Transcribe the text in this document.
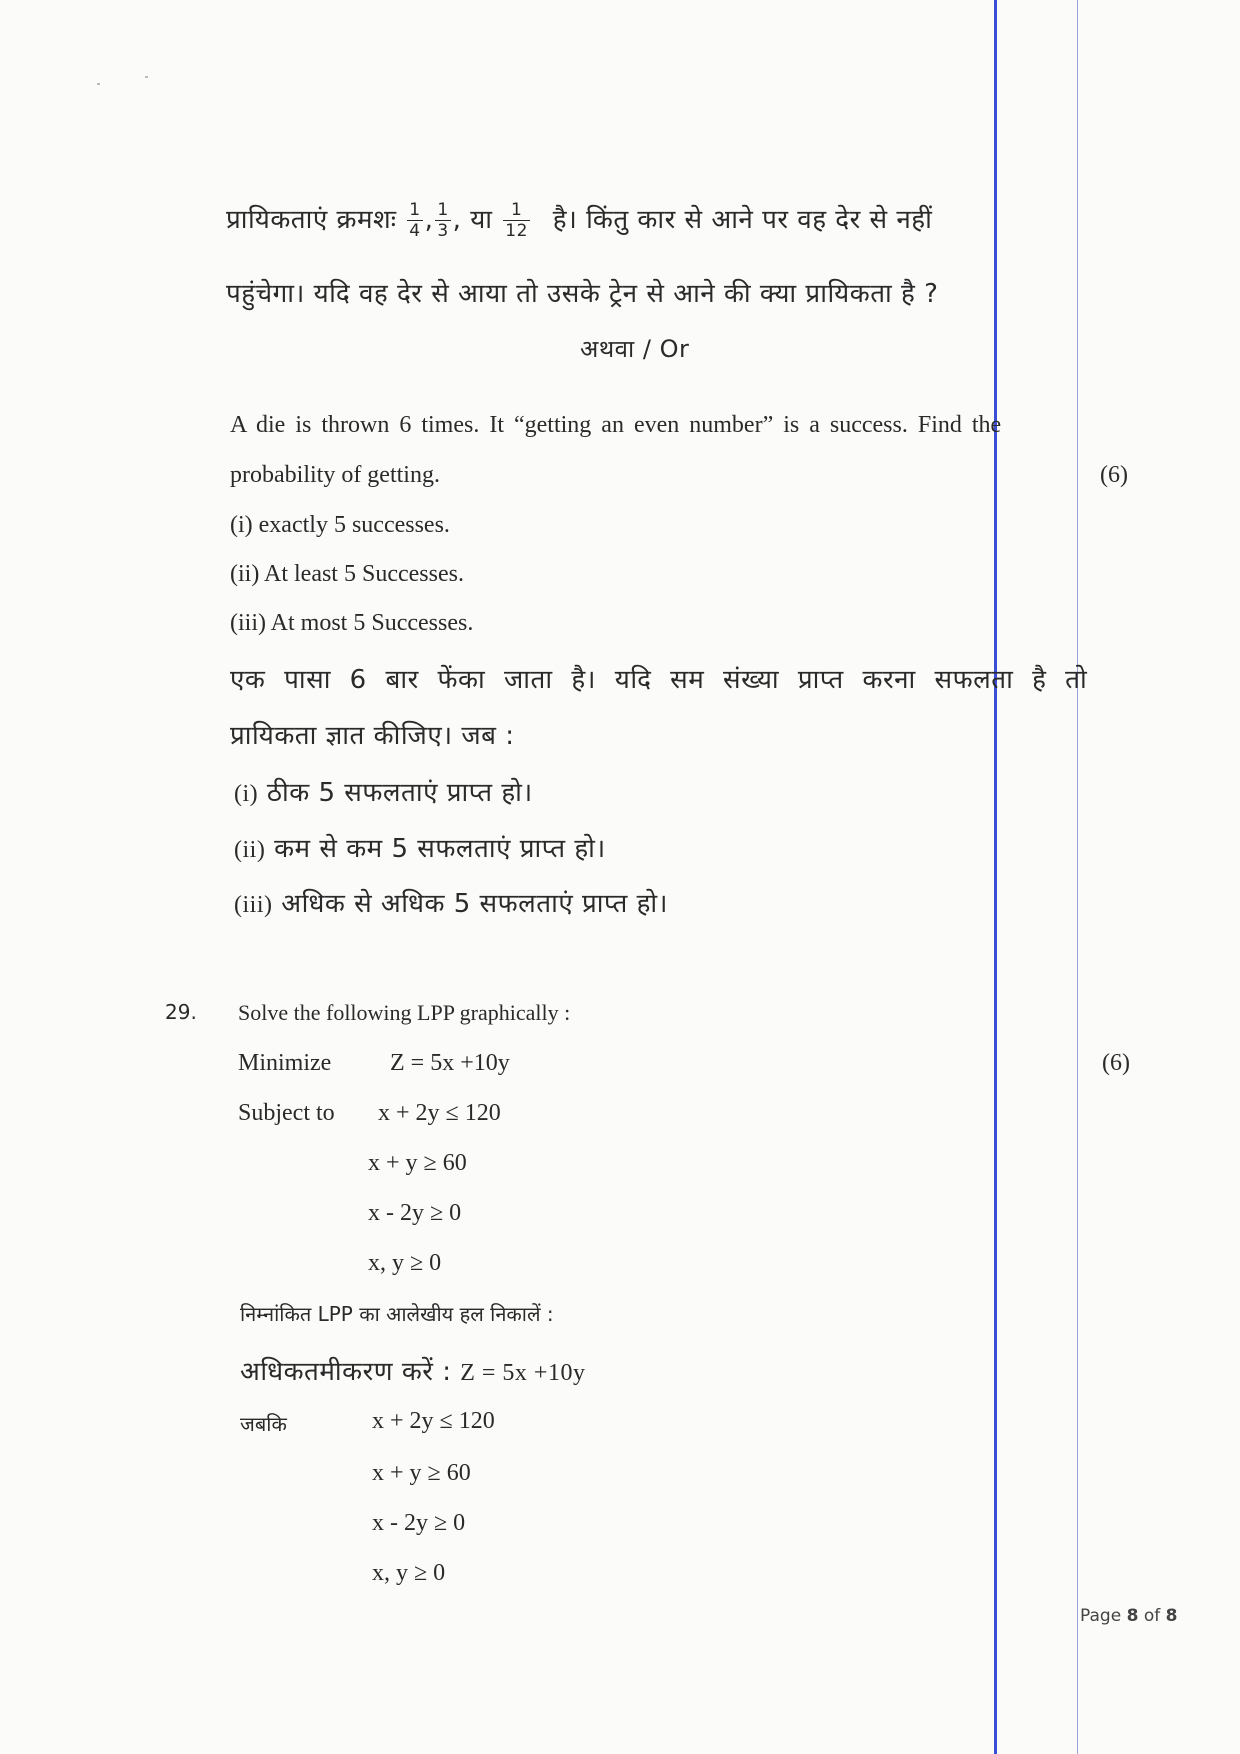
प्रायिकताएं क्रमशः $\frac{1}{4}$ , $\frac{1}{3}$ , या $\frac{1}{12}$ है। किंतु कार से आने पर वह देर से नहीं
पहुंचेगा। यदि वह देर से आया तो उसके ट्रेन से आने की क्या प्रायिकता है ?
अथवा / Or
A die is thrown 6 times. It “getting an even number” is a success. Find the
probability of getting.	(6)
(i) exactly 5 successes.
(ii) At least 5 Successes.
(iii) At most 5 Successes.
एक पासा 6 बार फेंका जाता है। यदि सम संख्या प्राप्त करना सफलता है तो
प्रायिकता ज्ञात कीजिए। जब :
(i) ठीक 5 सफलताएं प्राप्त हो।
(ii) कम से कम 5 सफलताएं प्राप्त हो।
(iii) अधिक से अधिक 5 सफलताएं प्राप्त हो।
29. Solve the following LPP graphically :
Minimize Z = 5x +10y	(6)
Subject to x + 2y ≤ 120
x + y ≥ 60
x - 2y ≥ 0
x, y ≥ 0
निम्नांकित LPP का आलेखीय हल निकालें :
अधिकतमीकरण करें : Z = 5x +10y
जबकि	x + 2y ≤ 120
x + y ≥ 60
x - 2y ≥ 0
x, y ≥ 0
Page 8 of 8
